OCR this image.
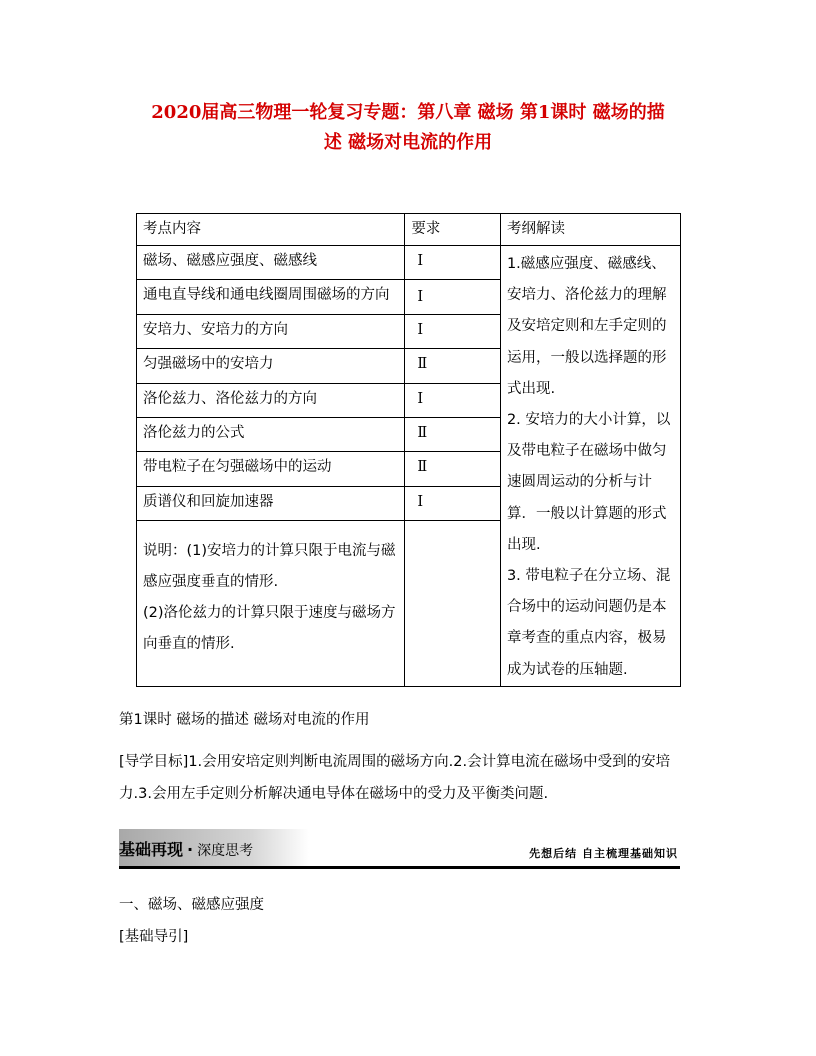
2020届高三物理一轮复习专题：第八章 磁场 第1课时 磁场的描
述 磁场对电流的作用
考点内容	要求	考纲解读
磁场、磁感应强度、磁感线	Ⅰ	1.磁感应强度、磁感线、安培力、洛伦兹力的理解及安培定则和左手定则的运用，一般以选择题的形式出现.
2. 安培力的大小计算，以及带电粒子在磁场中做匀速圆周运动的分析与计算．一般以计算题的形式出现.
3. 带电粒子在分立场、混合场中的运动问题仍是本章考查的重点内容，极易成为试卷的压轴题.

通电直导线和通电线圈周围磁场的方向	Ⅰ	
安培力、安培力的方向	Ⅰ	
匀强磁场中的安培力	Ⅱ	
洛伦兹力、洛伦兹力的方向	Ⅰ	
洛伦兹力的公式	Ⅱ	
带电粒子在匀强磁场中的运动	Ⅱ	
质谱仪和回旋加速器	Ⅰ	

说明：(1)安培力的计算只限于电流与磁感应强度垂直的情形.
(2)洛伦兹力的计算只限于速度与磁场方向垂直的情形.		

第1课时 磁场的描述 磁场对电流的作用
[导学目标]1.会用安培定则判断电流周围的磁场方向.2.会计算电流在磁场中受到的安培力.3.会用左手定则分析解决通电导体在磁场中的受力及平衡类问题.
基础再现 · 深度思考	先想后结 自主梳理基础知识
一、磁场、磁感应强度
[基础导引]
